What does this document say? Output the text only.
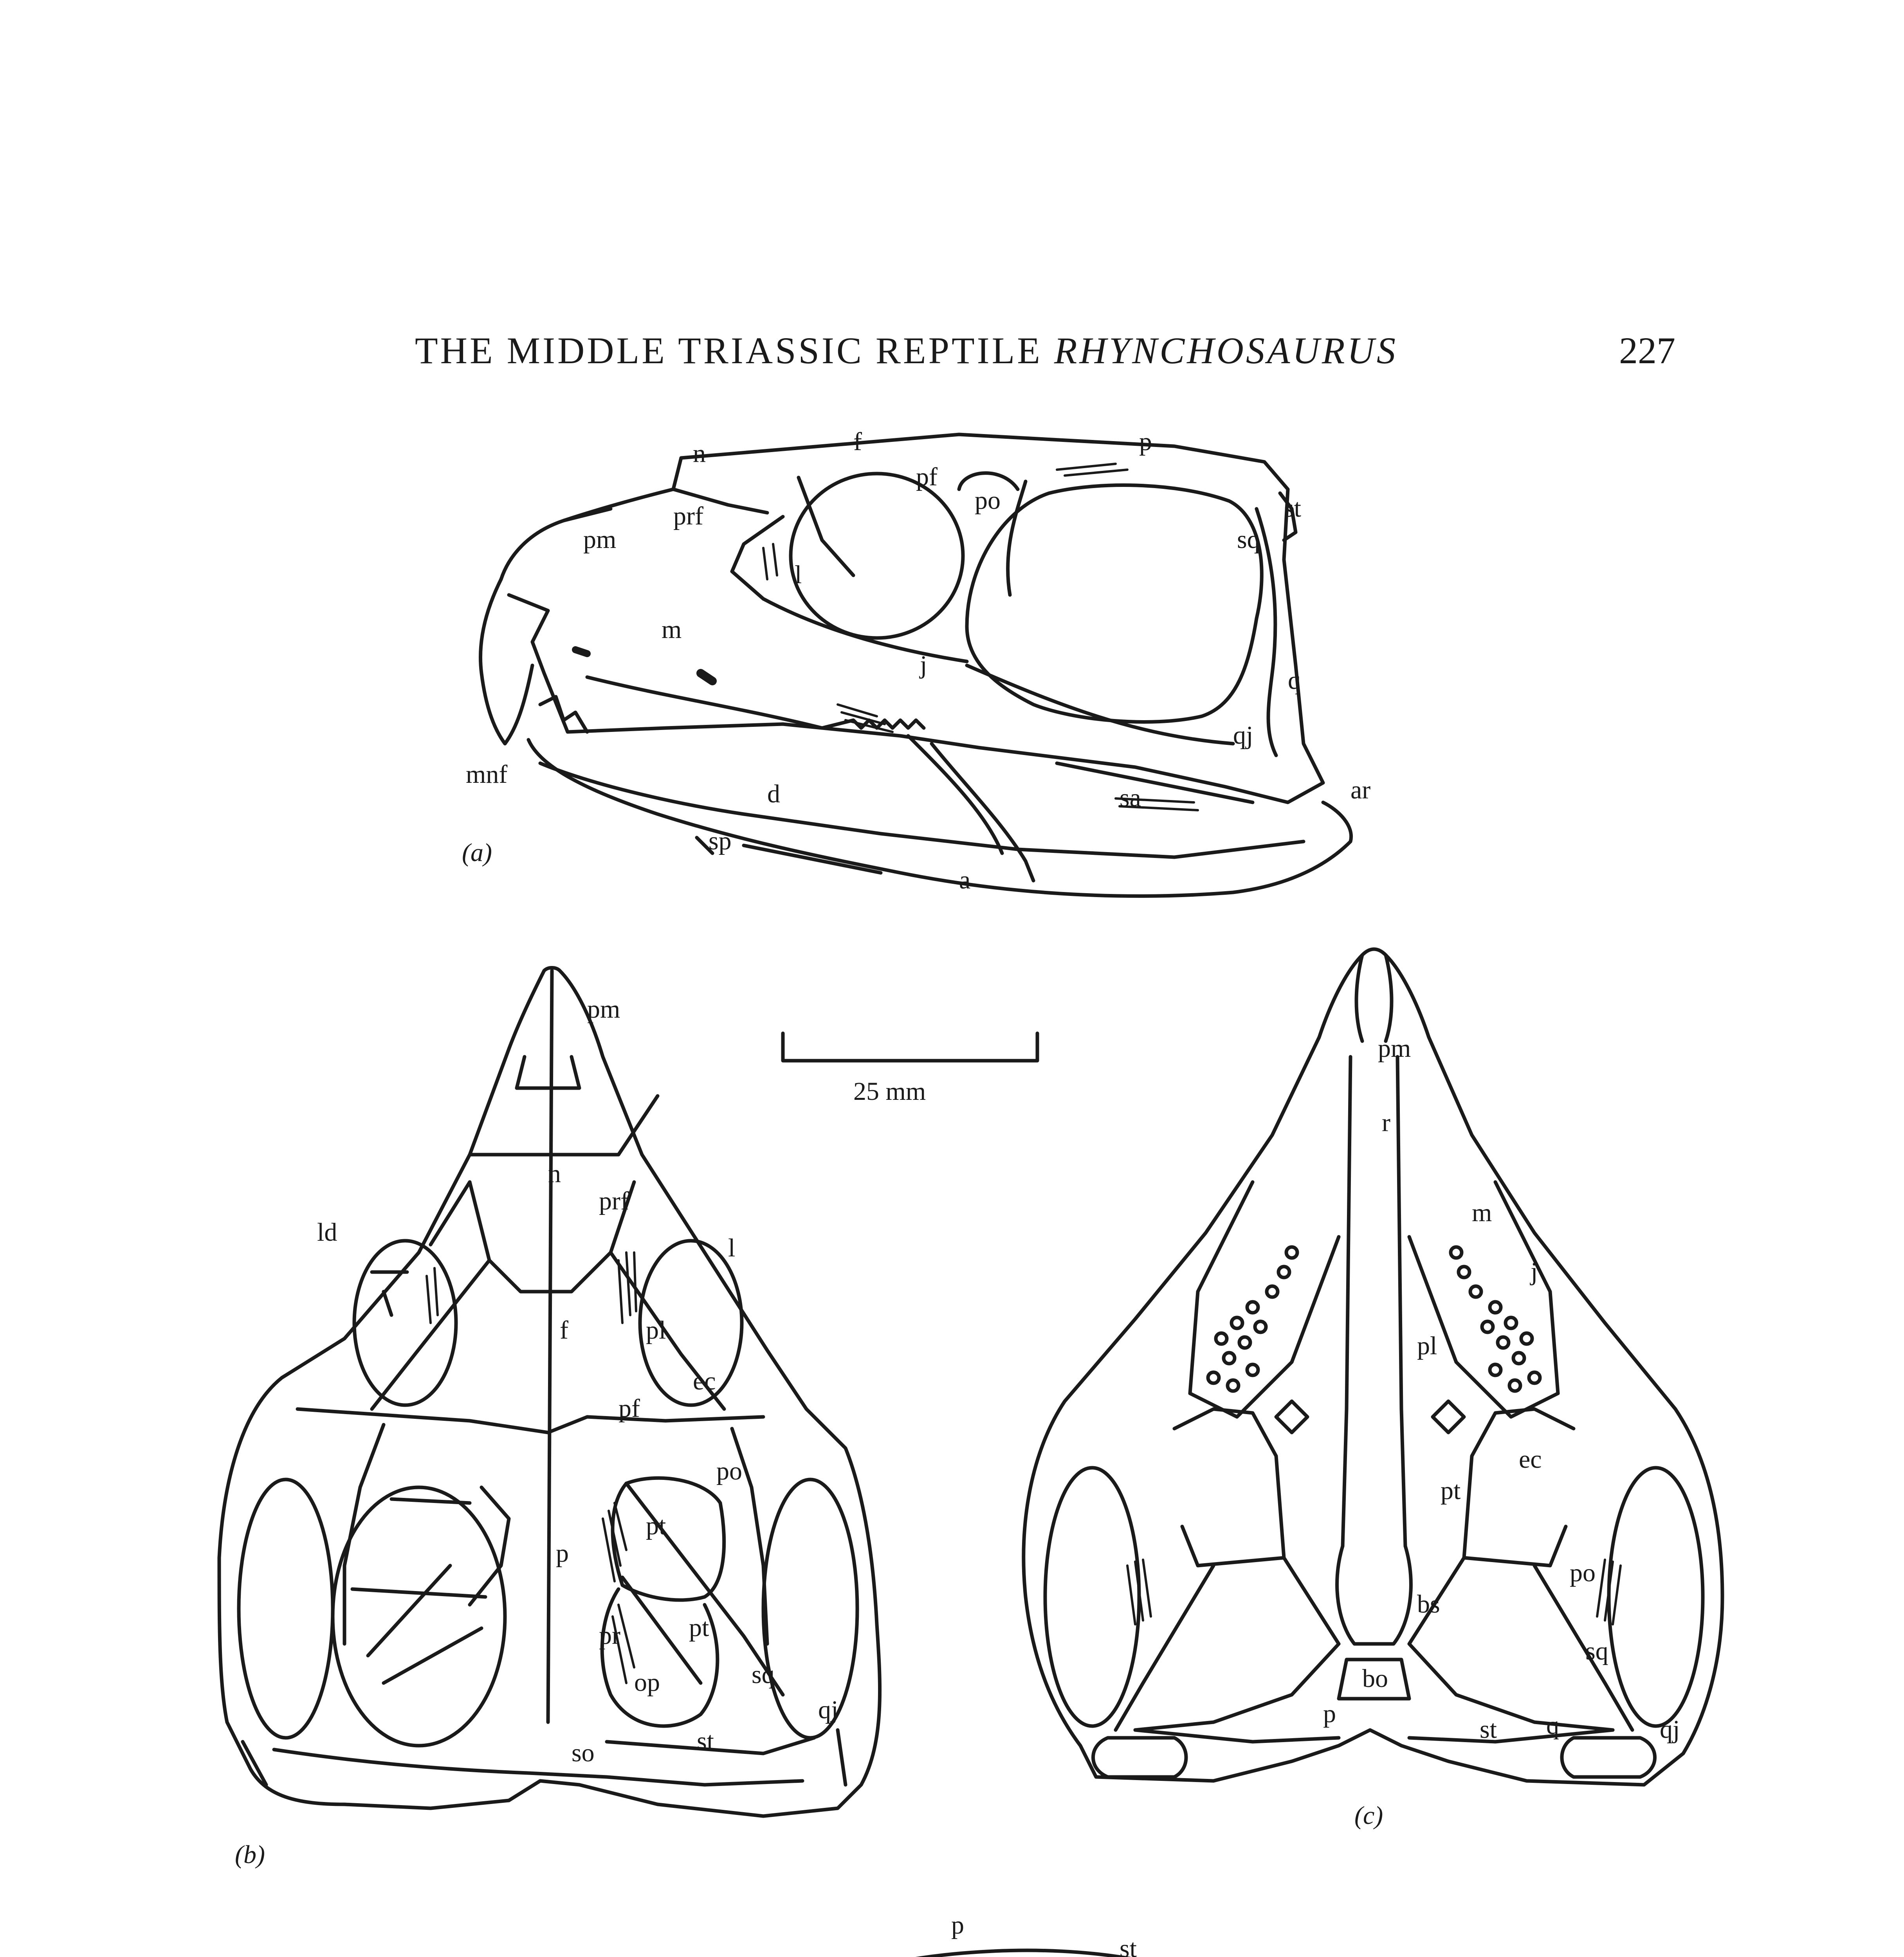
THE MIDDLE TRIASSIC REPTILE RHYNCHOSAURUS	227
n	f	p
pf
po	st
prf
pm	sq
l
m
j
q
qj
mnf
d	sa	ar
sp
a
(a)
25 mm
pm
n
prf
ld
l
f	pl
ec
pf
po
pt
p
pr	pt
op	sq
qj
so	st
(b)
pm
r
m
j
pl
pt
ec
po
bs
sq
bo
p
st q	qj
(c)
p
st
